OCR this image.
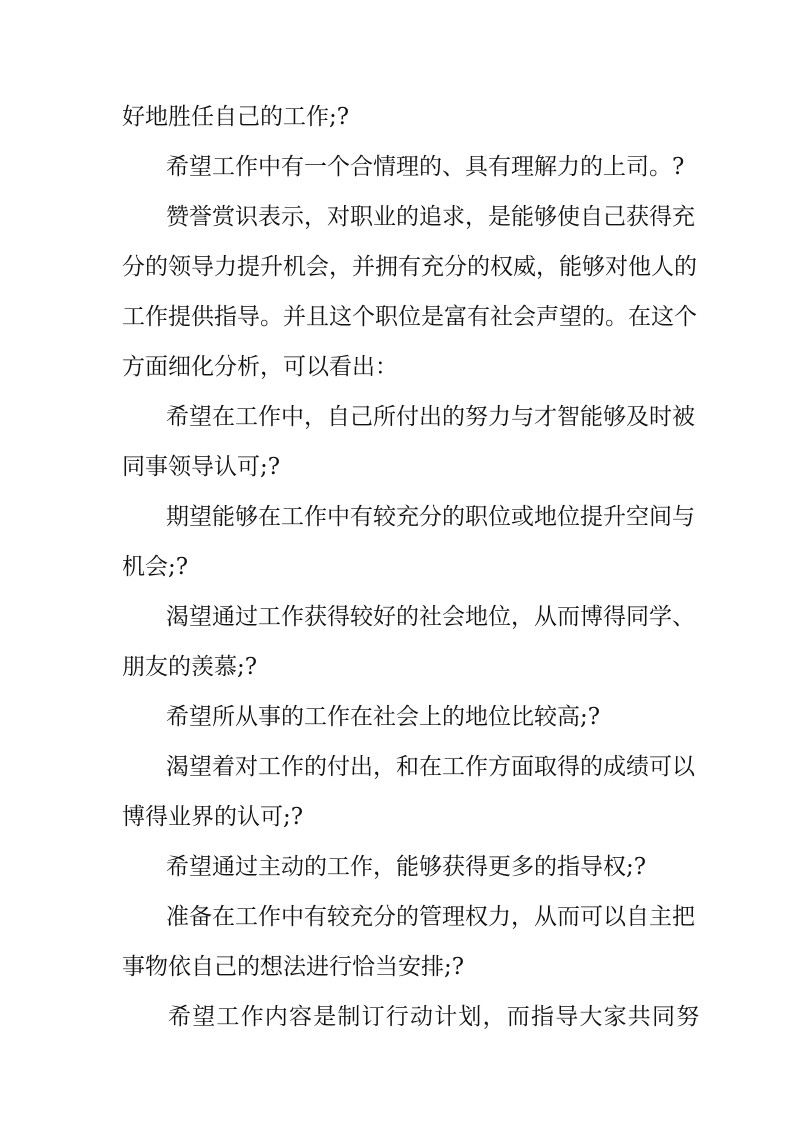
好地胜任自己的工作;?

希望工作中有一个合情理的、具有理解力的上司。?

赞誉赏识表示，对职业的追求，是能够使自己获得充

分的领导力提升机会，并拥有充分的权威，能够对他人的

工作提供指导。并且这个职位是富有社会声望的。在这个

方面细化分析，可以看出：

希望在工作中，自己所付出的努力与才智能够及时被

同事领导认可;?

期望能够在工作中有较充分的职位或地位提升空间与

机会;?

渴望通过工作获得较好的社会地位，从而博得同学、

朋友的羡慕;?

希望所从事的工作在社会上的地位比较高;?

渴望着对工作的付出，和在工作方面取得的成绩可以

博得业界的认可;?

希望通过主动的工作，能够获得更多的指导权;?

准备在工作中有较充分的管理权力，从而可以自主把

事物依自己的想法进行恰当安排;?

希望工作内容是制订行动计划，而指导大家共同努
